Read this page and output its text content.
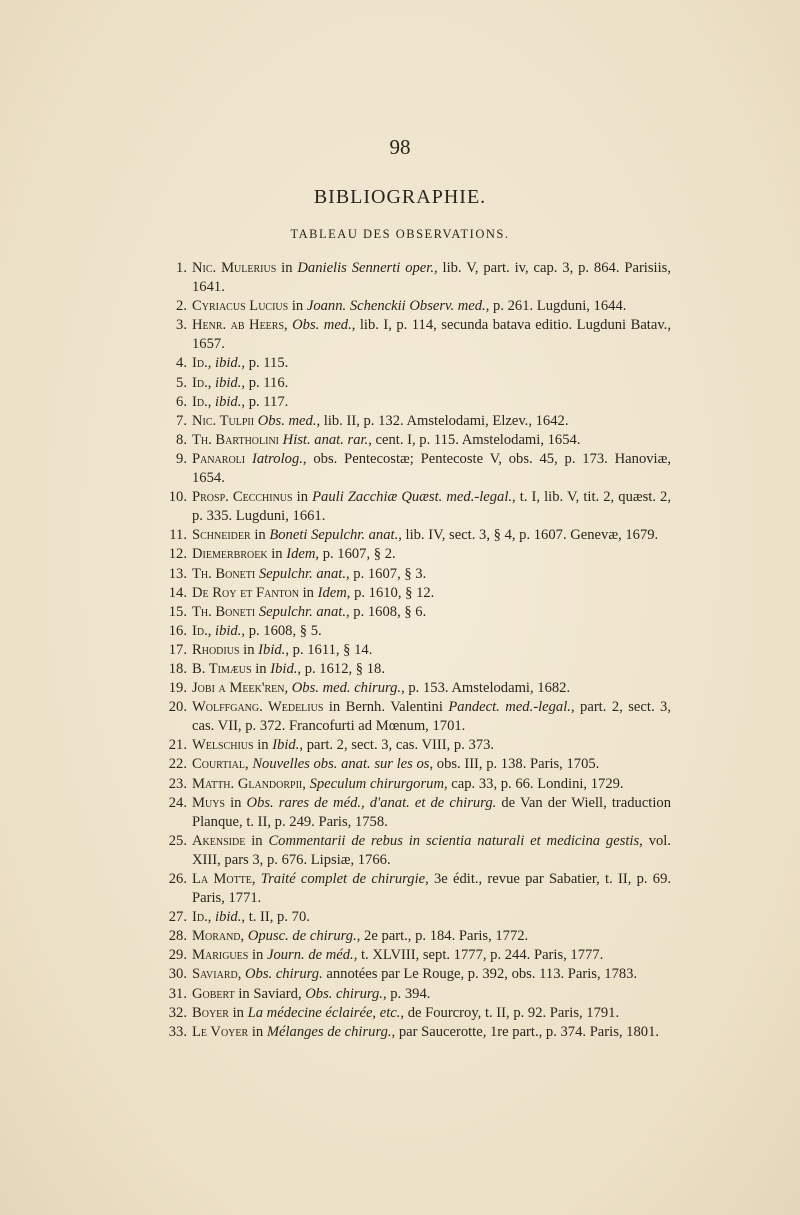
98
BIBLIOGRAPHIE.
TABLEAU DES OBSERVATIONS.
1. Nic. Mulerius in Danielis Sennerti oper., lib. V, part. iv, cap. 3, p. 864. Parisiis, 1641.
2. Cyriacus Lucius in Joann. Schenckii Observ. med., p. 261. Lugduni, 1644.
3. Henr. ab Heers, Obs. med., lib. I, p. 114, secunda batava editio. Lugduni Batav., 1657.
4. Id., ibid., p. 115.
5. Id., ibid., p. 116.
6. Id., ibid., p. 117.
7. Nic. Tulpii Obs. med., lib. II, p. 132. Amstelodami, Elzev., 1642.
8. Th. Bartholini Hist. anat. rar., cent. I, p. 115. Amstelodami, 1654.
9. Panaroli Iatrolog., obs. Pentecostæ; Pentecoste V, obs. 45, p. 173. Hanoviæ, 1654.
10. Prosp. Cecchinus in Pauli Zacchiæ Quæst. med.-legal., t. I, lib. V, tit. 2, quæst. 2, p. 335. Lugduni, 1661.
11. Schneider in Boneti Sepulchr. anat., lib. IV, sect. 3, § 4, p. 1607. Genevæ, 1679.
12. Diemerbroek in Idem, p. 1607, § 2.
13. Th. Boneti Sepulchr. anat., p. 1607, § 3.
14. De Roy et Fanton in Idem, p. 1610, § 12.
15. Th. Boneti Sepulchr. anat., p. 1608, § 6.
16. Id., ibid., p. 1608, § 5.
17. Rhodius in Ibid., p. 1611, § 14.
18. B. Timæus in Ibid., p. 1612, § 18.
19. Jobi a Meek'ren, Obs. med. chirurg., p. 153. Amstelodami, 1682.
20. Wolffgang. Wedelius in Bernh. Valentini Pandect. med.-legal., part. 2, sect. 3, cas. VII, p. 372. Francofurti ad Mœnum, 1701.
21. Welschius in Ibid., part. 2, sect. 3, cas. VIII, p. 373.
22. Courtial, Nouvelles obs. anat. sur les os, obs. III, p. 138. Paris, 1705.
23. Matth. Glandorpii, Speculum chirurgorum, cap. 33, p. 66. Londini, 1729.
24. Muys in Obs. rares de méd., d'anat. et de chirurg. de Van der Wiell, traduction Planque, t. II, p. 249. Paris, 1758.
25. Akenside in Commentarii de rebus in scientia naturali et medicina gestis, vol. XIII, pars 3, p. 676. Lipsiæ, 1766.
26. La Motte, Traité complet de chirurgie, 3e édit., revue par Sabatier, t. II, p. 69. Paris, 1771.
27. Id., ibid., t. II, p. 70.
28. Morand, Opusc. de chirurg., 2e part., p. 184. Paris, 1772.
29. Marigues in Journ. de méd., t. XLVIII, sept. 1777, p. 244. Paris, 1777.
30. Saviard, Obs. chirurg. annotées par Le Rouge, p. 392, obs. 113. Paris, 1783.
31. Gobert in Saviard, Obs. chirurg., p. 394.
32. Boyer in La médecine éclairée, etc., de Fourcroy, t. II, p. 92. Paris, 1791.
33. Le Voyer in Mélanges de chirurg., par Saucerotte, 1re part., p. 374. Paris, 1801.
